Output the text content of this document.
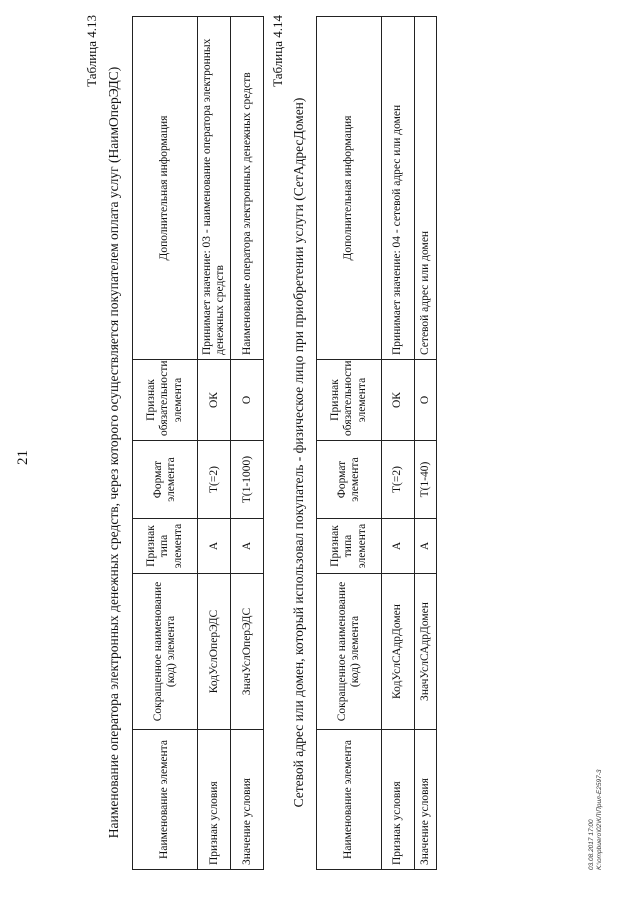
21
Таблица 4.13
Наименование оператора электронных денежных средств, через которого осуществляется покупателем оплата услуг (НаимОперЭДС)	Наименование элемента	Сокращенное наименование (код) элемента	Признак типа элемента	Формат элемента	Признак обязательности элемента	Дополнительная информация
Признак условия	КодУслОперЭДС	А	Т(=2)	ОК	Принимает значение: 03 - наименование оператора электронных денежных средств
Значение условия	ЗначУслОперЭДС	А	Т(1-1000)	О	Наименование оператора электронных денежных средств
Таблица 4.14
Сетевой адрес или домен, который использовал покупатель - физическое лицо при приобретении услуги (СетАдресДомен)	Наименование элемента	Сокращенное наименование (код) элемента	Признак типа элемента	Формат элемента	Признак обязательности элемента	Дополнительная информация
Признак условия	КодУслСАдрДомен	А	Т(=2)	ОК	Принимает значение: 04 - сетевой адрес или домен
Значение условия	ЗначУслСАдрДомен	А	Т(1-40)	О	Сетевой адрес или домен
03.08.2017 17:00 K:\ompbuero\02\КЛ\Прил-Е2597-3
